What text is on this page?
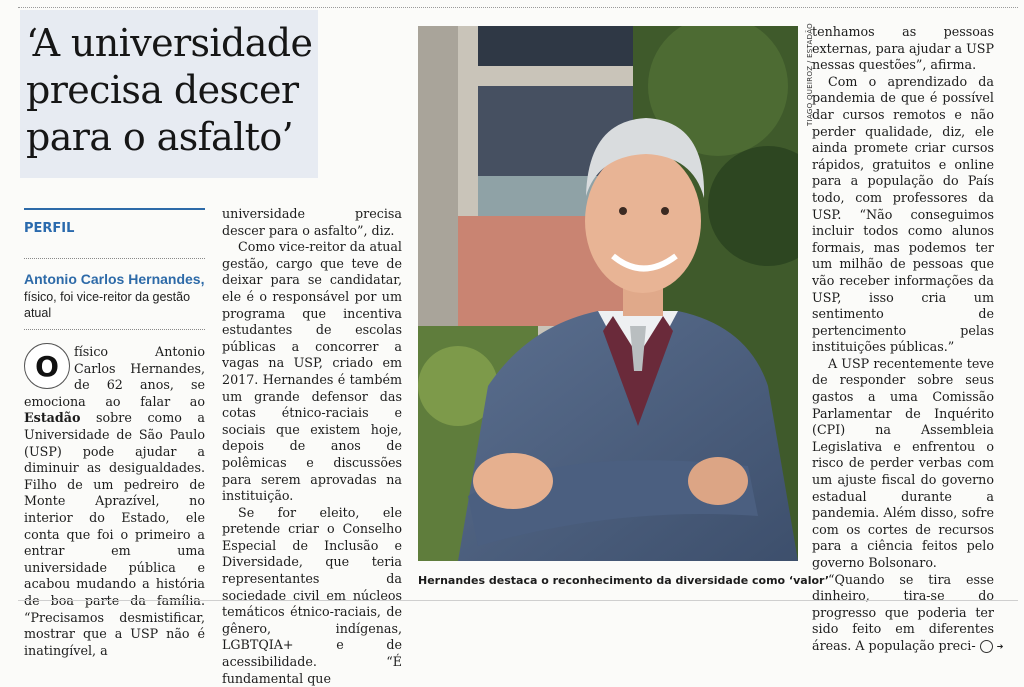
‘A universidade precisa descer para o asfalto’
PERFIL
Antonio Carlos Hernandes,
físico, foi vice-reitor da gestão atual
O	físico Antonio Carlos Hernandes, de 62 anos, se emociona ao falar ao Estadão sobre como a Universidade de São Paulo (USP) pode ajudar a diminuir as desigualdades. Filho de um pedreiro de Monte Aprazível, no interior do Estado, ele conta que foi o primeiro a entrar em uma universidade pública e acabou mudando a história de boa parte da família. “Precisamos desmistificar, mostrar que a USP não é inatingível, a

universidade precisa descer para o asfalto”, diz.

Como vice-reitor da atual gestão, cargo que teve de deixar para se candidatar, ele é o responsável por um programa que incentiva estudantes de escolas públicas a concorrer a vagas na USP, criado em 2017. Hernandes é também um grande defensor das cotas étnico-raciais e sociais que existem hoje, depois de anos de polêmicas e discussões para serem aprovadas na instituição.

Se for eleito, ele pretende criar o Conselho Especial de Inclusão e Diversidade, que teria representantes da sociedade civil em núcleos temáticos étnico-raciais, de gênero, indígenas, LGBTQIA+ e de acessibilidade. “É fundamental que

TIAGO QUEIROZ / ESTADÃO
Hernandes destaca o reconhecimento da diversidade como ‘valor’

tenhamos as pessoas externas, para ajudar a USP nessas questões”, afirma.

Com o aprendizado da pandemia de que é possível dar cursos remotos e não perder qualidade, diz, ele ainda promete criar cursos rápidos, gratuitos e online para a população do País todo, com professores da USP. “Não conseguimos incluir todos como alunos formais, mas podemos ter um milhão de pessoas que vão receber informações da USP, isso cria um sentimento de pertencimento pelas instituições públicas.”

A USP recentemente teve de responder sobre seus gastos a uma Comissão Parlamentar de Inquérito (CPI) na Assembleia Legislativa e enfrentou o risco de perder verbas com um ajuste fiscal do governo estadual durante a pandemia. Além disso, sofre com os cortes de recursos para a ciência feitos pelo governo Bolsonaro.

“Quando se tira esse dinheiro, tira-se do progresso que poderia ter sido feito em diferentes áreas. A população preci-	➔
